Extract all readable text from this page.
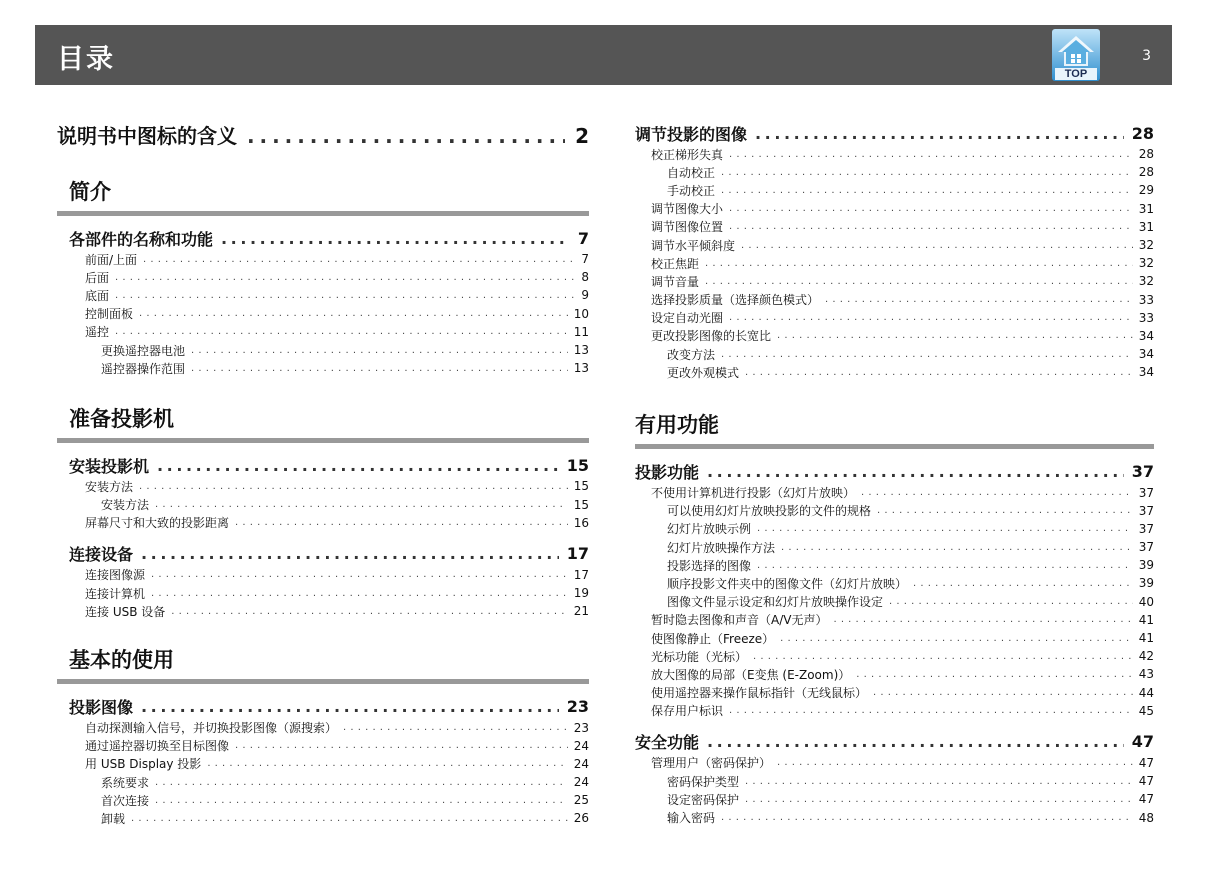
目录	TOP
3
说明书中图标的含义 . . .	2
简介
各部件的名称和功能 . . .	7
前面/上面 . . .	7
后面 . . .	8
底面 . . .	9
控制面板 . . .	10
遥控 . . .	11
更换遥控器电池 . . .	13
遥控器操作范围 . . .	13
准备投影机
安装投影机 . . .	15
安装方法 . . .	15
安装方法 . . .	15
屏幕尺寸和大致的投影距离 . . .	16
连接设备 . . .	17
连接图像源 . . .	17
连接计算机 . . .	19
连接 USB 设备 . . .	21
基本的使用
投影图像 . . .	23
自动探测输入信号，并切换投影图像（源搜索） . . .	23
通过遥控器切换至目标图像 . . .	24
用 USB Display 投影 . . .	24
系统要求 . . .	24
首次连接 . . .	25
卸载 . . .	26
调节投影的图像 . . .	28
校正梯形失真 . . .	28
自动校正 . . .	28
手动校正 . . .	29
调节图像大小 . . .	31
调节图像位置 . . .	31
调节水平倾斜度 . . .	32
校正焦距 . . .	32
调节音量 . . .	32
选择投影质量（选择颜色模式） . . .	33
设定自动光圈 . . .	33
更改投影图像的长宽比 . . .	34
改变方法 . . .	34
更改外观模式 . . .	34
有用功能
投影功能 . . .	37
不使用计算机进行投影（幻灯片放映） . . .	37
可以使用幻灯片放映投影的文件的规格 . . .	37
幻灯片放映示例 . . .	37
幻灯片放映操作方法 . . .	37
投影选择的图像 . . .	39
顺序投影文件夹中的图像文件（幻灯片放映） . . .	39
图像文件显示设定和幻灯片放映操作设定 . . .	40
暂时隐去图像和声音（A/V无声） . . .	41
使图像静止（Freeze） . . .	41
光标功能（光标） . . .	42
放大图像的局部（E变焦 (E-Zoom)） . . .	43
使用遥控器来操作鼠标指针（无线鼠标） . . .	44
保存用户标识 . . .	45
安全功能 . . .	47
管理用户（密码保护） . . .	47
密码保护类型 . . .	47
设定密码保护 . . .	47
输入密码 . . .	48
